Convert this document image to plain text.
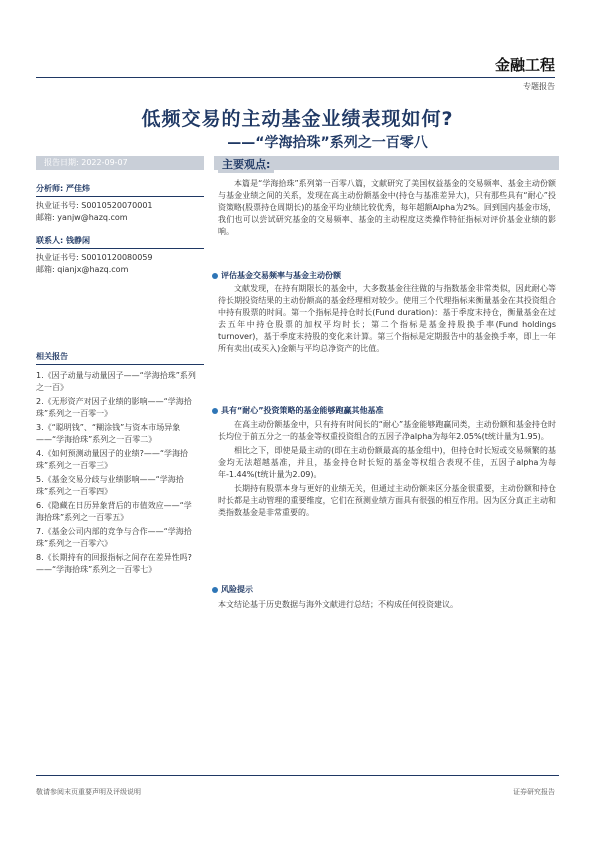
金融工程
专题报告
低频交易的主动基金业绩表现如何?
——“学海拾珠”系列之一百零八
报告日期: 2022-09-07	主要观点:
分析师: 严佳炜
执业证书号: S0010520070001
邮箱: yanjw@hazq.com
联系人: 钱静闲
执业证书号: S0010120080059
邮箱: qianjx@hazq.com
相关报告
1.《因子动量与动量因子——“学海拾珠”系列之一百》
2.《无形资产对因子业绩的影响——“学海拾珠”系列之一百零一》
3.《“聪明钱”、“糊涂钱”与资本市场异象——“学海拾珠”系列之一百零二》
4.《如何预测动量因子的业绩?——“学海拾珠”系列之一百零三》
5.《基金交易分歧与业绩影响——“学海拾珠”系列之一百零四》
6.《隐藏在日历异象背后的市值效应——“学海拾珠”系列之一百零五》
7.《基金公司内部的竞争与合作——“学海拾珠”系列之一百零六》
8.《长期持有的回报指标之间存在差异性吗?——“学海拾珠”系列之一百零七》

本篇是“学海拾珠”系列第一百零八篇，文献研究了美国权益基金的交易频率、基金主动份额与基金业绩之间的关系，发现在高主动份额基金中(持仓与基准差异大)，只有那些具有“耐心”投资策略(股票持仓周期长)的基金平均业绩比较优秀，每年超额Alpha为2%。回到国内基金市场，我们也可以尝试研究基金的交易频率、基金的主动程度这类操作特征指标对评价基金业绩的影响。

评估基金交易频率与基金主动份额

文献发现，在持有期限长的基金中，大多数基金往往做的与指数基金非常类似，因此耐心等待长期投资结果的主动份额高的基金经理相对较少。使用三个代理指标来衡量基金在其投资组合中持有股票的时间。第一个指标是持仓时长(Fund duration)：基于季度末持仓，衡量基金在过去五年中持仓股票的加权平均时长；第二个指标是基金持股换手率(Fund holdings turnover)，基于季度末持股的变化来计算。第三个指标是定期报告中的基金换手率，即上一年所有卖出(或买入)金额与平均总净资产的比值。

具有“耐心”投资策略的基金能够跑赢其他基准

在高主动份额基金中，只有持有时间长的“耐心”基金能够跑赢同类，主动份额和基金持仓时长均位于前五分之一的基金等权重投资组合的五因子净alpha为每年2.05%(t统计量为1.95)。

相比之下，即使是最主动的(即在主动份额最高的基金组中)，但持仓时长短或交易频繁的基金均无法超越基准，并且，基金持仓时长短的基金等权组合表现不佳，五因子alpha为每年-1.44%(t统计量为2.09)。

长期持有股票本身与更好的业绩无关，但通过主动份额来区分基金很重要，主动份额和持仓时长都是主动管理的重要维度，它们在预测业绩方面具有很强的相互作用。因为区分真正主动和类指数基金是非常重要的。

风险提示

本文结论基于历史数据与海外文献进行总结；不构成任何投资建议。

敬请参阅末页重要声明及评级说明	证券研究报告
